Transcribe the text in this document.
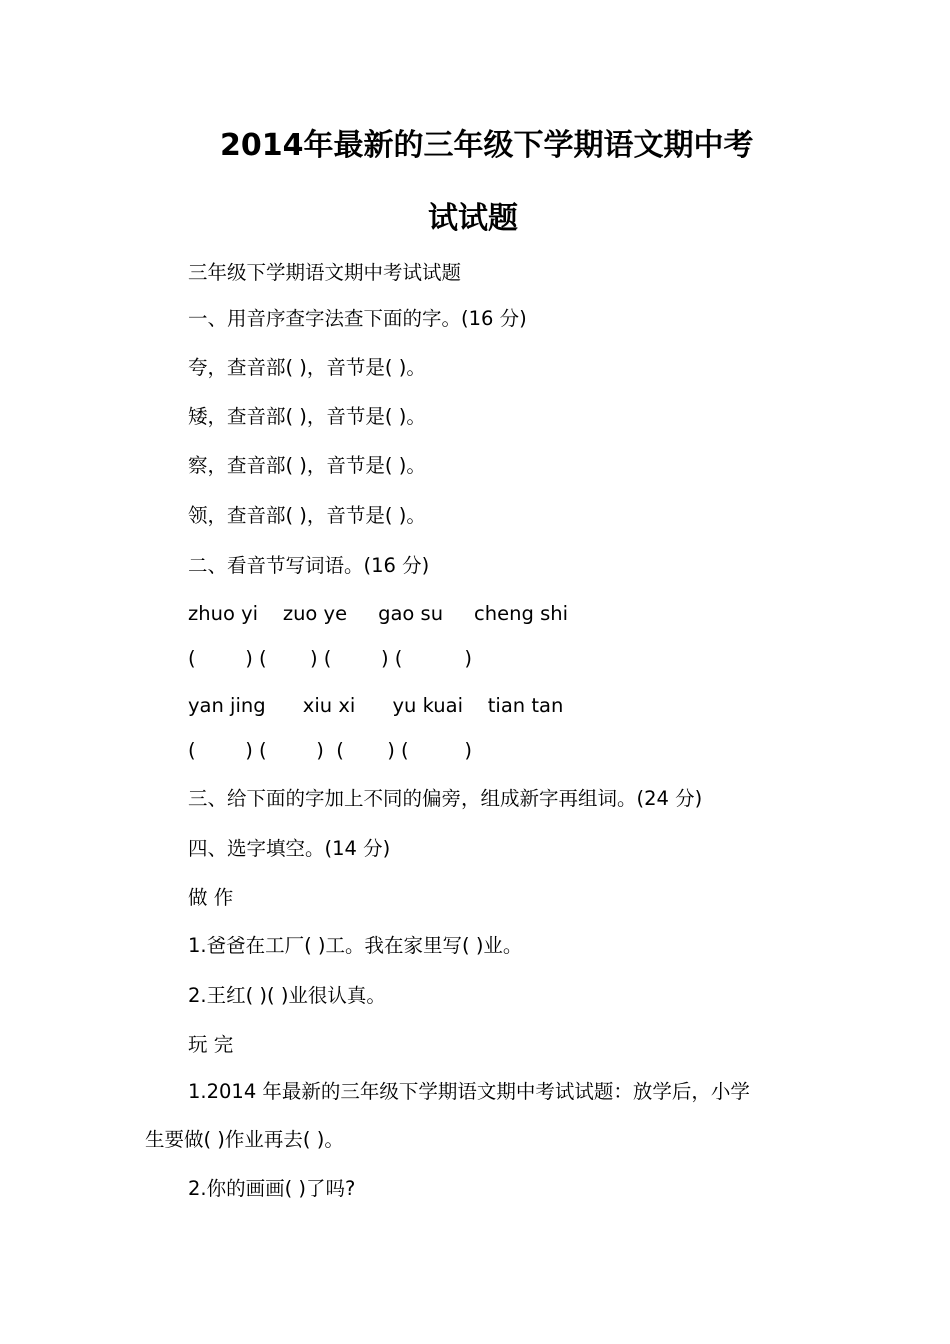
2014年最新的三年级下学期语文期中考
试试题
三年级下学期语文期中考试试题
一、用音序查字法查下面的字。(16 分)
夸，查音部( )，音节是( )。
矮，查音部( )，音节是( )。
察，查音部( )，音节是( )。
领，查音部( )，音节是( )。
二、看音节写词语。(16 分)
zhuo yi    zuo ye     gao su     cheng shi
(        ) (       ) (        ) (          )
yan jing      xiu xi      yu kuai    tian tan
(        ) (        )  (       ) (         )
三、给下面的字加上不同的偏旁，组成新字再组词。(24 分)
四、选字填空。(14 分)
做 作
1.爸爸在工厂( )工。我在家里写( )业。
2.王红( )( )业很认真。
玩 完
1.2014 年最新的三年级下学期语文期中考试试题：放学后，小学
生要做( )作业再去( )。
2.你的画画( )了吗?
